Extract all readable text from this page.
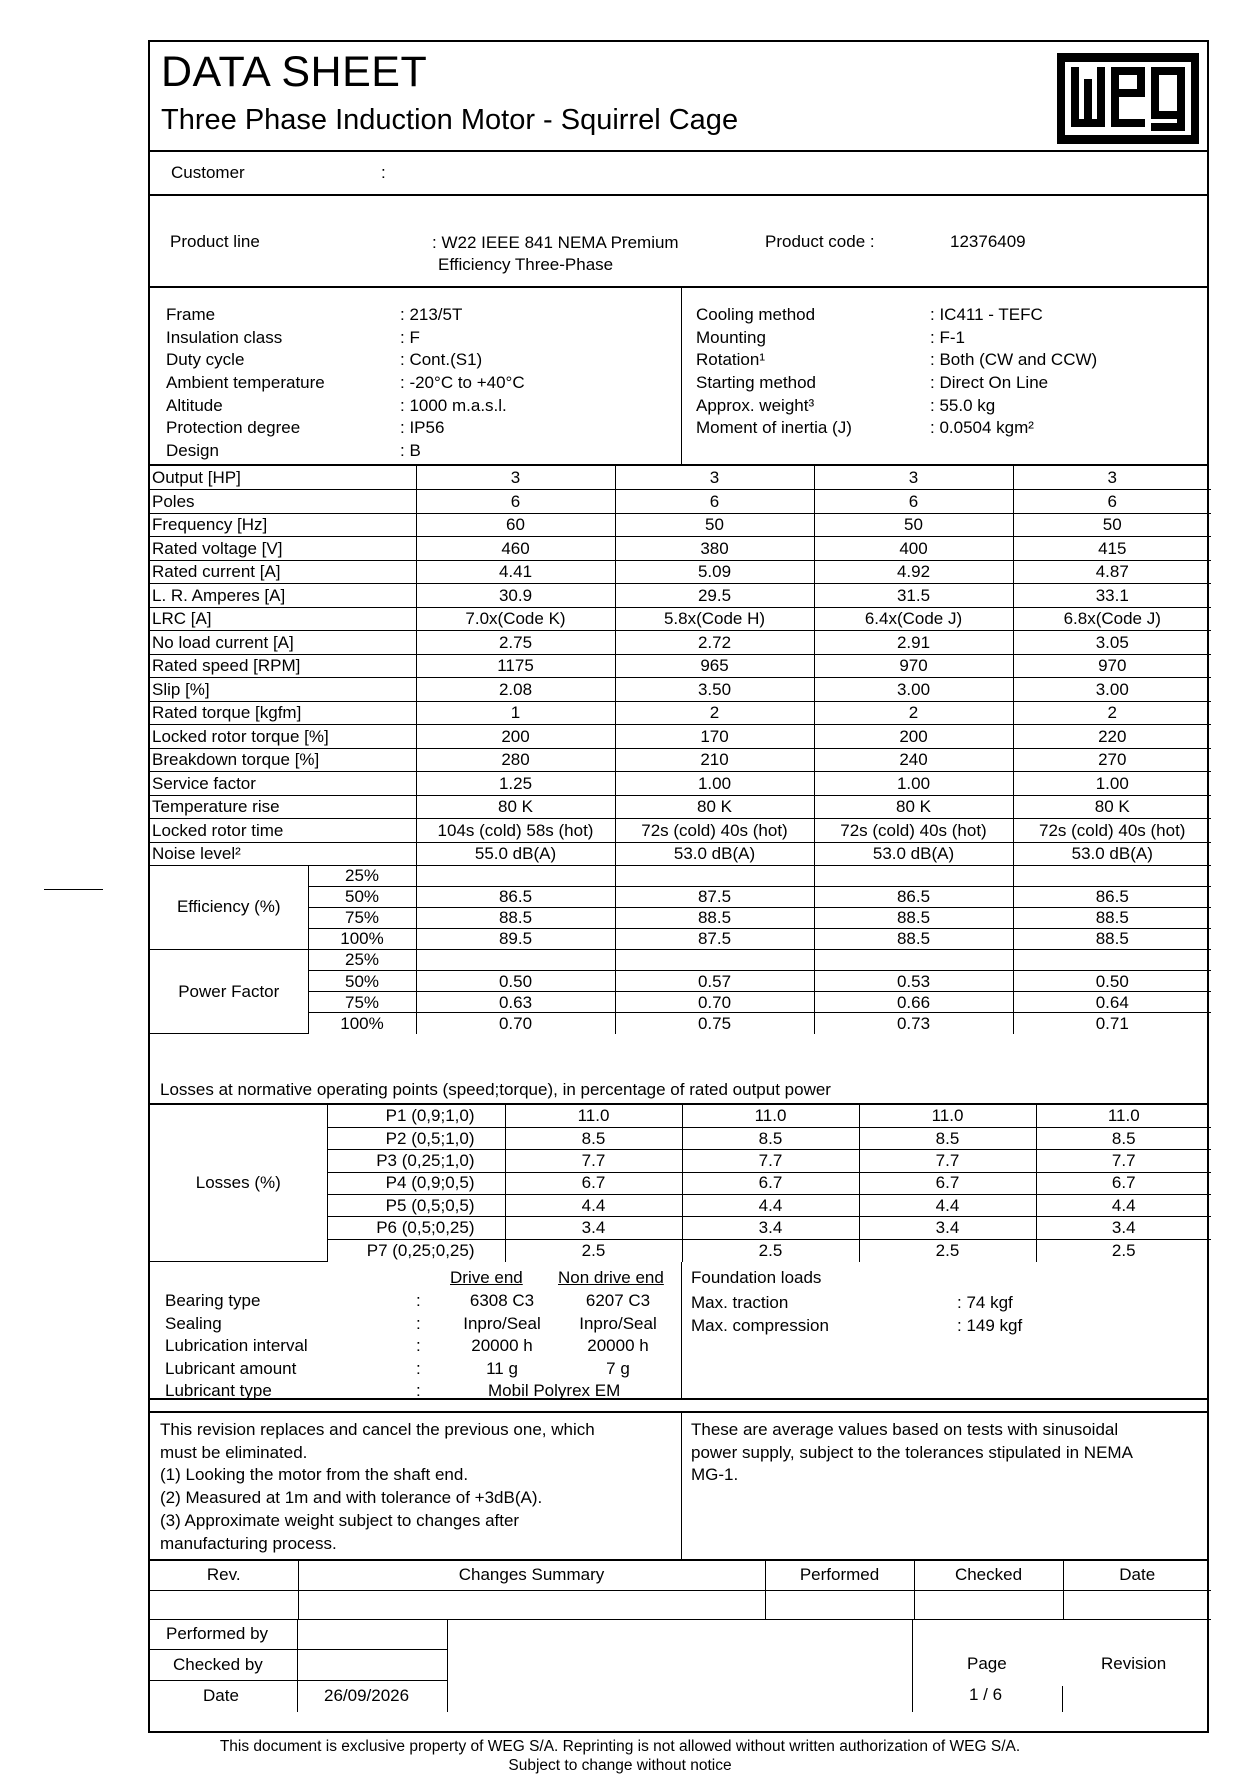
DATA SHEET
Three Phase Induction Motor - Squirrel Cage
Customer	:
Product line	: W22 IEEE 841 NEMA Premium
Efficiency Three-Phase
Product code :	12376409
Frame	: 213/5T
Insulation class	: F
Duty cycle	: Cont.(S1)
Ambient temperature	: -20°C to +40°C
Altitude	: 1000 m.a.s.l.
Protection degree	: IP56
Design	: B
Cooling method	: IC411 - TEFC
Mounting	: F-1
Rotation¹	: Both (CW and CCW)
Starting method	: Direct On Line
Approx. weight³	: 55.0 kg
Moment of inertia (J)	: 0.0504 kgm²
Output [HP]	3	3	3	3
Poles	6	6	6	6
Frequency [Hz]	60	50	50	50
Rated voltage [V]	460	380	400	415
Rated current [A]	4.41	5.09	4.92	4.87
L. R. Amperes [A]	30.9	29.5	31.5	33.1
LRC [A]	7.0x(Code K)	5.8x(Code H)	6.4x(Code J)	6.8x(Code J)
No load current [A]	2.75	2.72	2.91	3.05
Rated speed [RPM]	1175	965	970	970
Slip [%]	2.08	3.50	3.00	3.00
Rated torque [kgfm]	1	2	2	2
Locked rotor torque [%]	200	170	200	220
Breakdown torque [%]	280	210	240	270
Service factor	1.25	1.00	1.00	1.00
Temperature rise	80 K	80 K	80 K	80 K
Locked rotor time	104s (cold) 58s (hot)	72s (cold) 40s (hot)	72s (cold) 40s (hot)	72s (cold) 40s (hot)
Noise level²	55.0 dB(A)	53.0 dB(A)	53.0 dB(A)	53.0 dB(A)
Efficiency (%)	25%				
	50%	86.5	87.5	86.5	86.5
	75%	88.5	88.5	88.5	88.5
	100%	89.5	87.5	88.5	88.5
Power Factor	25%				
	50%	0.50	0.57	0.53	0.50
	75%	0.63	0.70	0.66	0.64
	100%	0.70	0.75	0.73	0.71
Losses at normative operating points (speed;torque), in percentage of rated output power
Losses (%)	P1 (0,9;1,0)	11.0	11.0	11.0	11.0
	P2 (0,5;1,0)	8.5	8.5	8.5	8.5
	P3 (0,25;1,0)	7.7	7.7	7.7	7.7
	P4 (0,9;0,5)	6.7	6.7	6.7	6.7
	P5 (0,5;0,5)	4.4	4.4	4.4	4.4
	P6 (0,5;0,25)	3.4	3.4	3.4	3.4
	P7 (0,25;0,25)	2.5	2.5	2.5	2.5
Drive end Non drive end
Bearing type	:	6308 C3	6207 C3
Sealing	:	Inpro/Seal	Inpro/Seal
Lubrication interval	:	20000 h	20000 h
Lubricant amount	:	11 g	7 g
Lubricant type	:	Mobil Polyrex EM
Foundation loads
Max. traction	: 74 kgf
Max. compression	: 149 kgf
This revision replaces and cancel the previous one, which
must be eliminated.
(1) Looking the motor from the shaft end.
(2) Measured at 1m and with tolerance of +3dB(A).
(3) Approximate weight subject to changes after
manufacturing process.
These are average values based on tests with sinusoidal
power supply, subject to the tolerances stipulated in NEMA
MG-1.
Rev.	Changes Summary	Performed	Checked	Date

Performed by
Checked by
Date	26/09/2026
Page
1 / 6
Revision
This document is exclusive property of WEG S/A. Reprinting is not allowed without written authorization of WEG S/A.
Subject to change without notice
